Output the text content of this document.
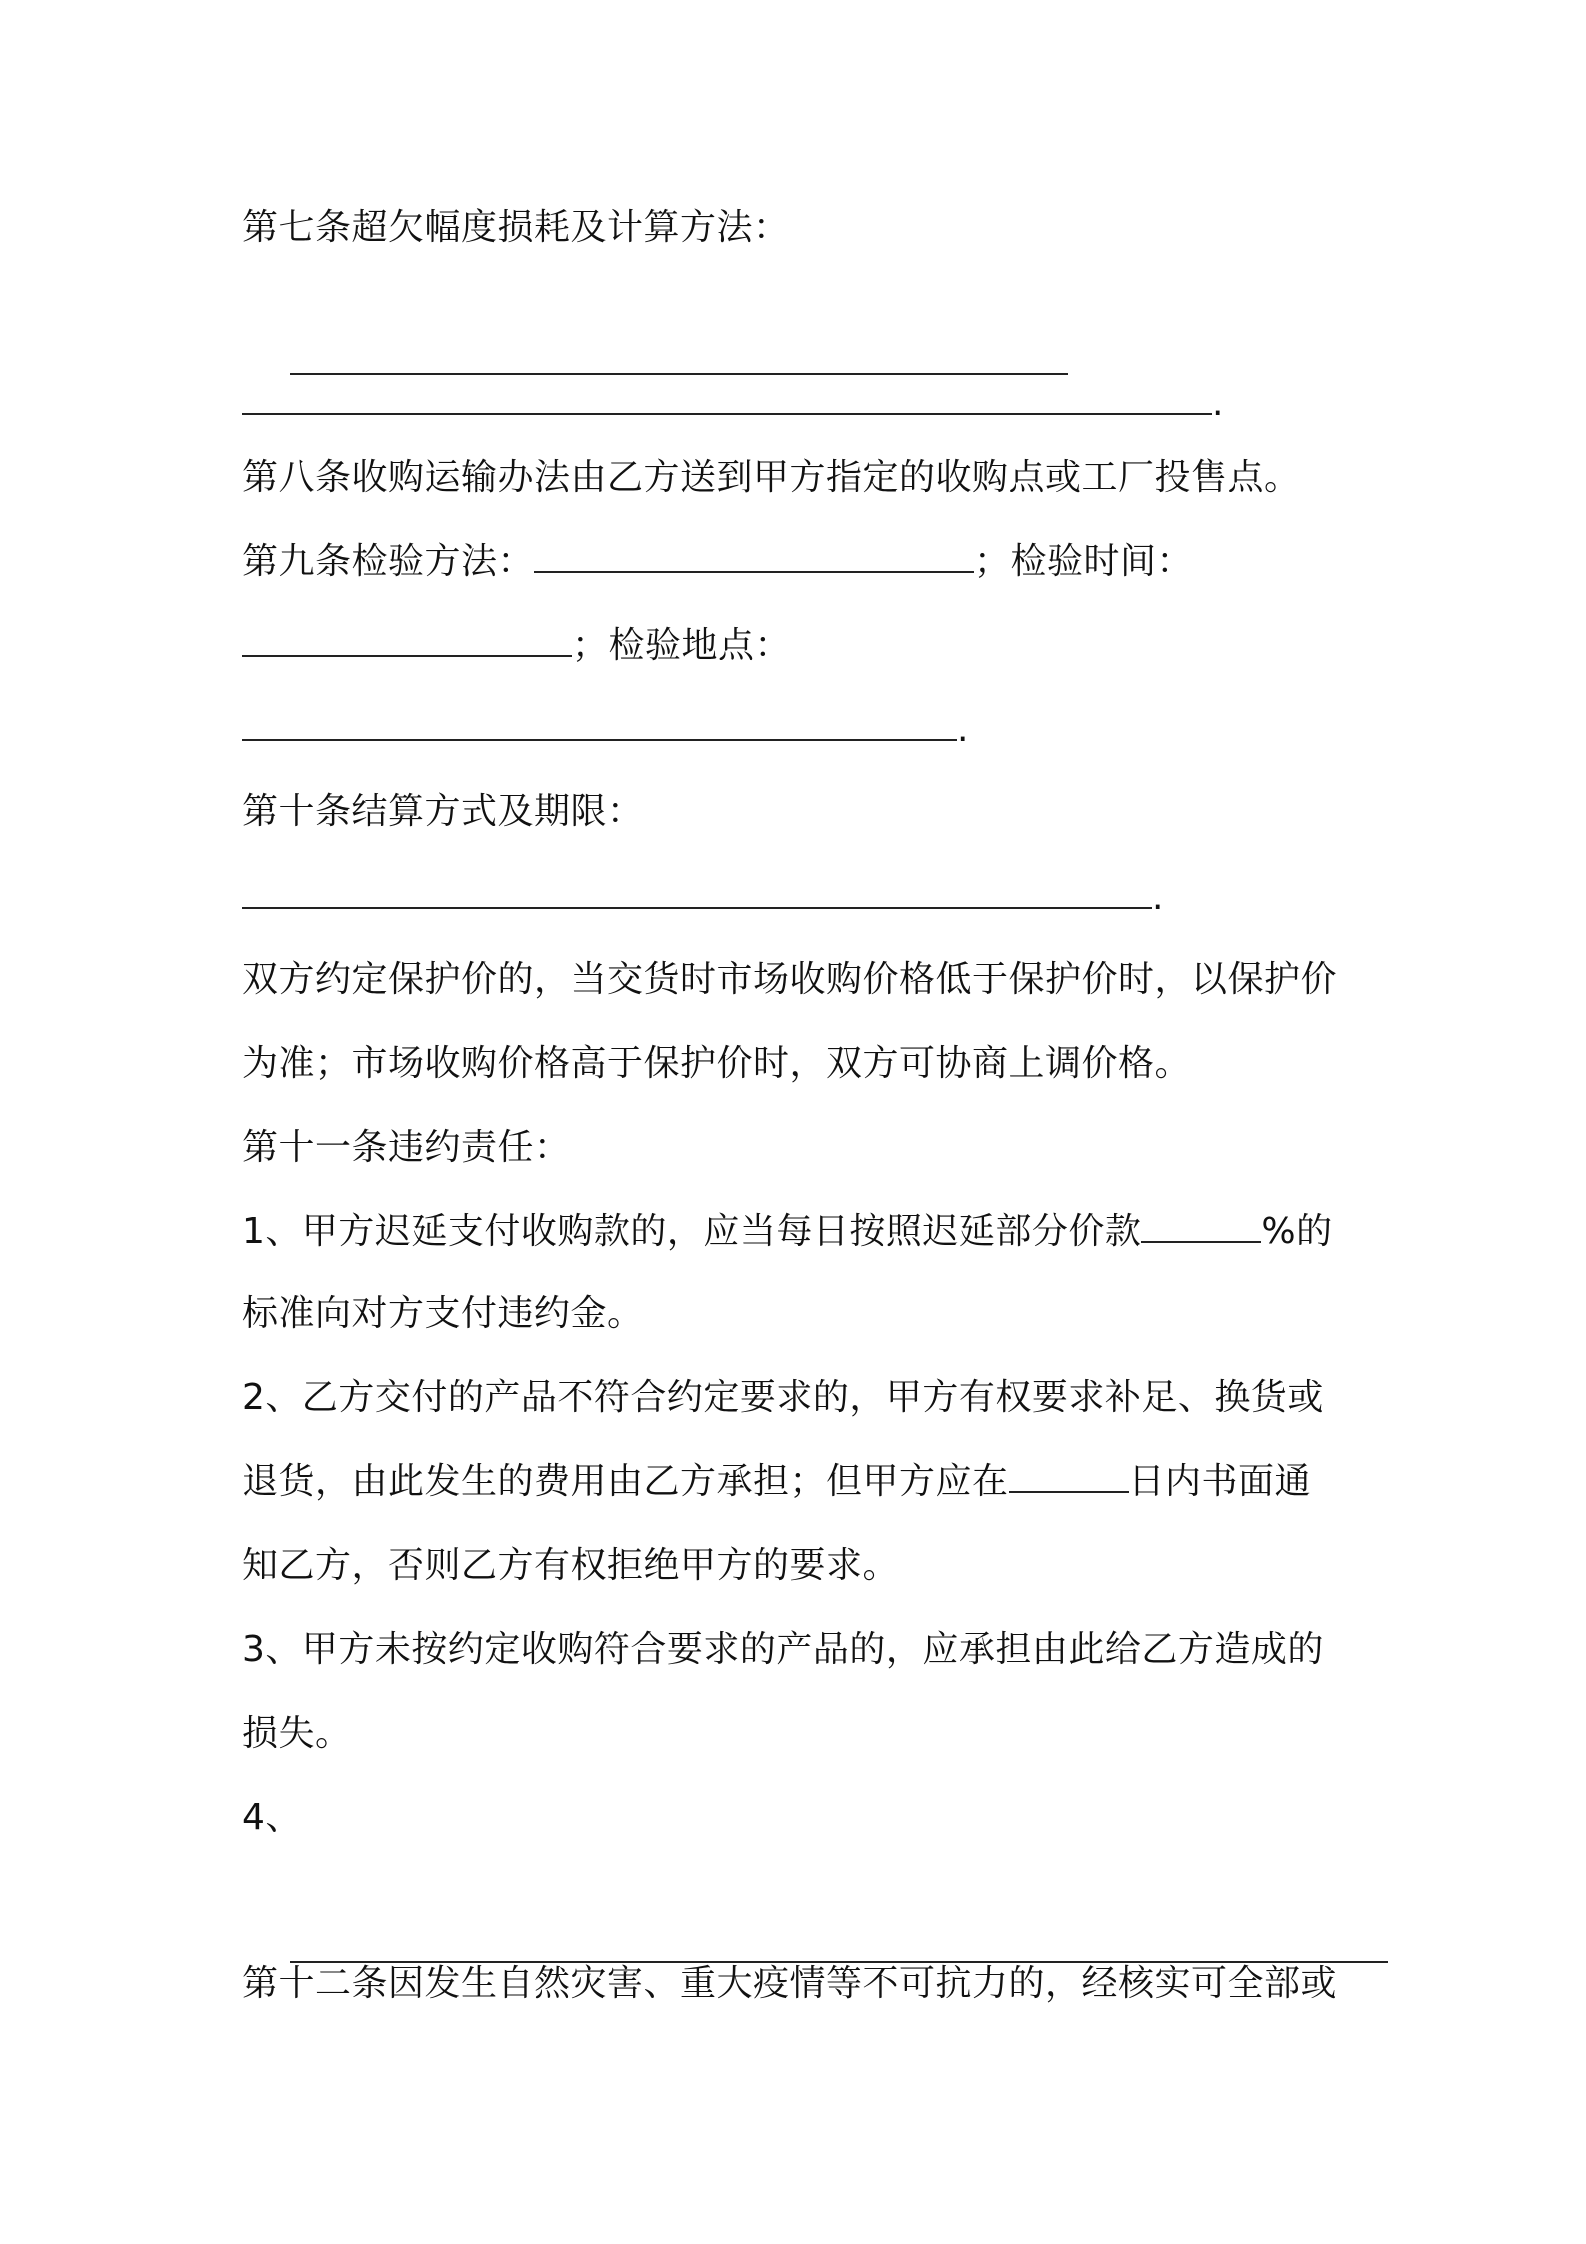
第七条超欠幅度损耗及计算方法：

.
第八条收购运输办法由乙方送到甲方指定的收购点或工厂投售点。
第九条检验方法：	；检验时间：
；检验地点：
.
第十条结算方式及期限：
.
双方约定保护价的，当交货时市场收购价格低于保护价时，以保护价
为准；市场收购价格高于保护价时，双方可协商上调价格。
第十一条违约责任：
1、甲方迟延支付收购款的，应当每日按照迟延部分价款	%的
标准向对方支付违约金。
2、乙方交付的产品不符合约定要求的，甲方有权要求补足、换货或
退货，由此发生的费用由乙方承担；但甲方应在	日内书面通
知乙方，否则乙方有权拒绝甲方的要求。
3、甲方未按约定收购符合要求的产品的，应承担由此给乙方造成的
损失。
4、

第十二条因发生自然灾害、重大疫情等不可抗力的，经核实可全部或
